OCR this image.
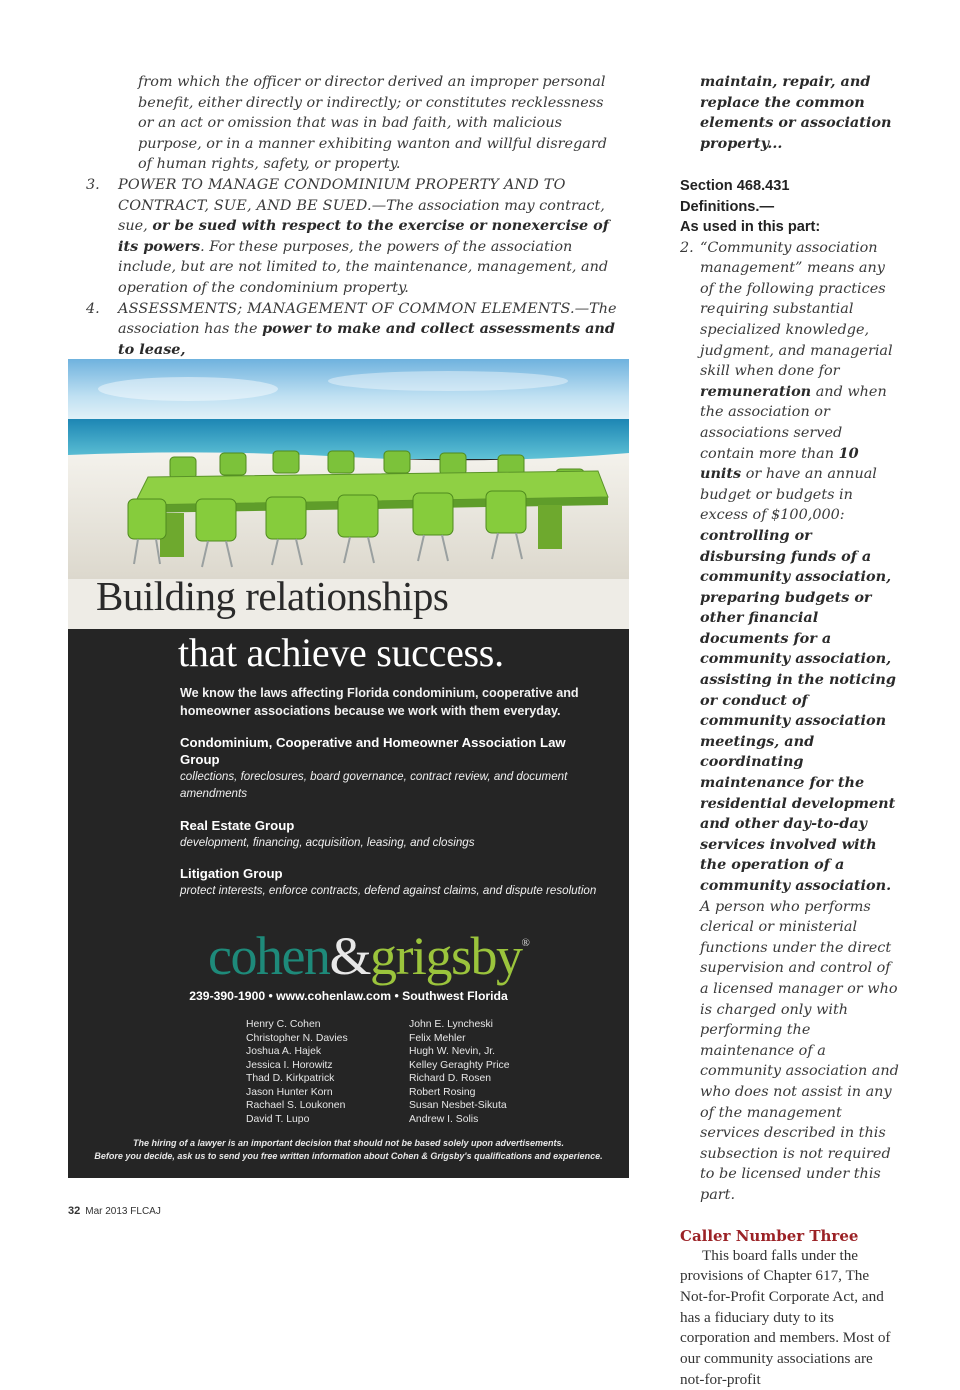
from which the officer or director derived an improper personal benefit, either directly or indirectly; or constitutes recklessness or an act or omission that was in bad faith, with malicious purpose, or in a manner exhibiting wanton and willful disregard of human rights, safety, or property.

3. POWER TO MANAGE CONDOMINIUM PROPERTY AND TO CONTRACT, SUE, AND BE SUED.—The association may contract, sue, or be sued with respect to the exercise or nonexercise of its powers. For these purposes, the powers of the association include, but are not limited to, the maintenance, management, and operation of the condominium property.

4. ASSESSMENTS; MANAGEMENT OF COMMON ELEMENTS.—The association has the power to make and collect assessments and to lease,

maintain, repair, and replace the common elements or association property...

Section 468.431

Definitions.—

As used in this part:

2. “Community association management” means any of the following practices requiring substantial specialized knowledge, judgment, and managerial skill when done for remuneration and when the association or associations served contain more than 10 units or have an annual budget or budgets in excess of $100,000: controlling or disbursing funds of a community association, preparing budgets or other financial documents for a community association, assisting in the noticing or conduct of community association meetings, and coordinating maintenance for the residential development and other day-to-day services involved with the operation of a community association. A person who performs clerical or ministerial functions under the direct supervision and control of a licensed manager or who is charged only with performing the maintenance of a community association and who does not assist in any of the management services described in this subsection is not required to be licensed under this part.

Caller Number Three

This board falls under the provisions of Chapter 617, The Not-for-Profit Corporate Act, and has a fiduciary duty to its corporation and members. Most of our community associations are not-for-profit

Building relationships
that achieve success.
We know the laws affecting Florida condominium, cooperative and homeowner associations because we work with them everyday.
Condominium, Cooperative and Homeowner Association Law Group
collections, foreclosures, board governance, contract review, and document amendments
Real Estate Group
development, financing, acquisition, leasing, and closings
Litigation Group
protect interests, enforce contracts, defend against claims, and dispute resolution
cohen&grigsby®
239-390-1900 • www.cohenlaw.com • Southwest Florida
Henry C. Cohen
Christopher N. Davies
Joshua A. Hajek
Jessica I. Horowitz
Thad D. Kirkpatrick
Jason Hunter Korn
Rachael S. Loukonen
David T. Lupo
John E. Lyncheski
Felix Mehler
Hugh W. Nevin, Jr.
Kelley Geraghty Price
Richard D. Rosen
Robert Rosing
Susan Nesbet-Sikuta
Andrew I. Solis
The hiring of a lawyer is an important decision that should not be based solely upon advertisements.
Before you decide, ask us to send you free written information about Cohen & Grigsby's qualifications and experience.
32 Mar 2013 FLCAJ
